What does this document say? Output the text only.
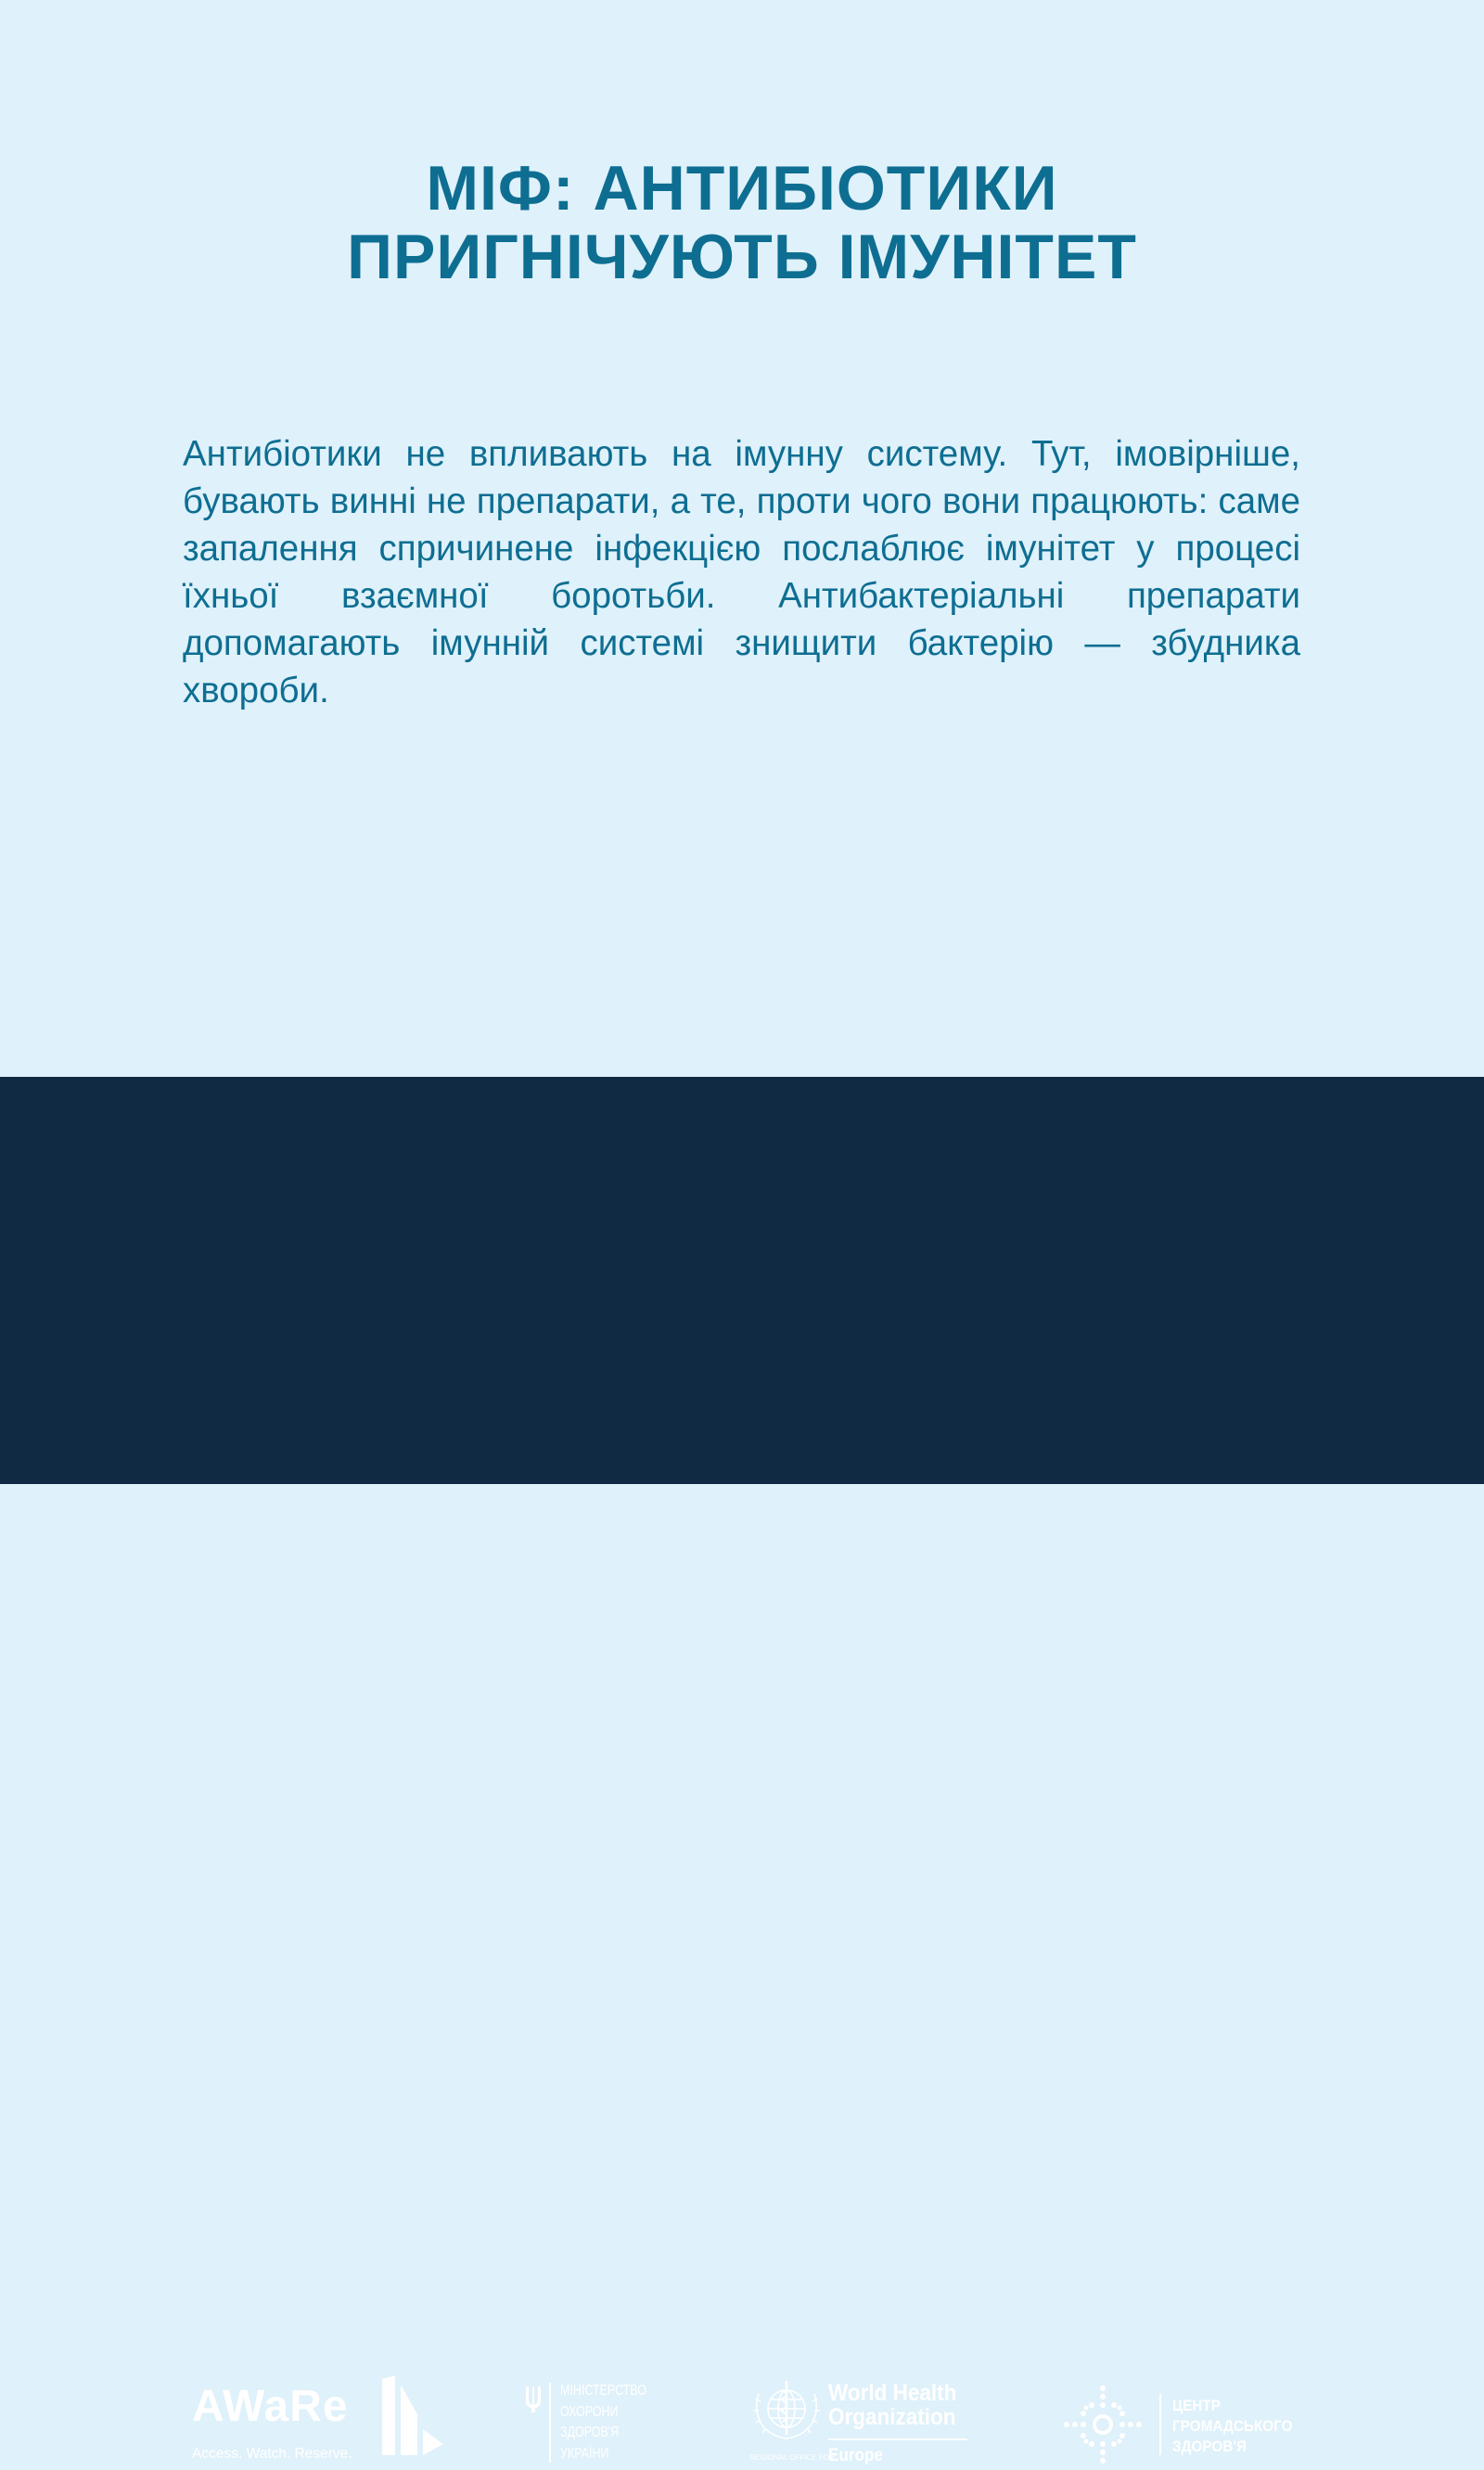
МІФ: АНТИБІОТИКИ
ПРИГНІЧУЮТЬ ІМУНІТЕТ

Антибіотики не впливають на імунну систему. Тут, імовірніше, бувають винні не препарати, а те, проти чого вони працюють: саме запалення спричинене інфекцією послаблює імунітет у процесі їхньої взаємної боротьби. Антибактеріальні препарати допомагають імунній системі знищити бактерію — збудника хвороби.

AWaRe
Access. Watch. Reserve.
МІНІСТЕРСТВО
ОХОРОНИ
ЗДОРОВ'Я
УКРАЇНИ
World Health
Organization
REGIONAL OFFICE FOR
Europe
ЦЕНТР
ГРОМАДСЬКОГО
ЗДОРОВ'Я
